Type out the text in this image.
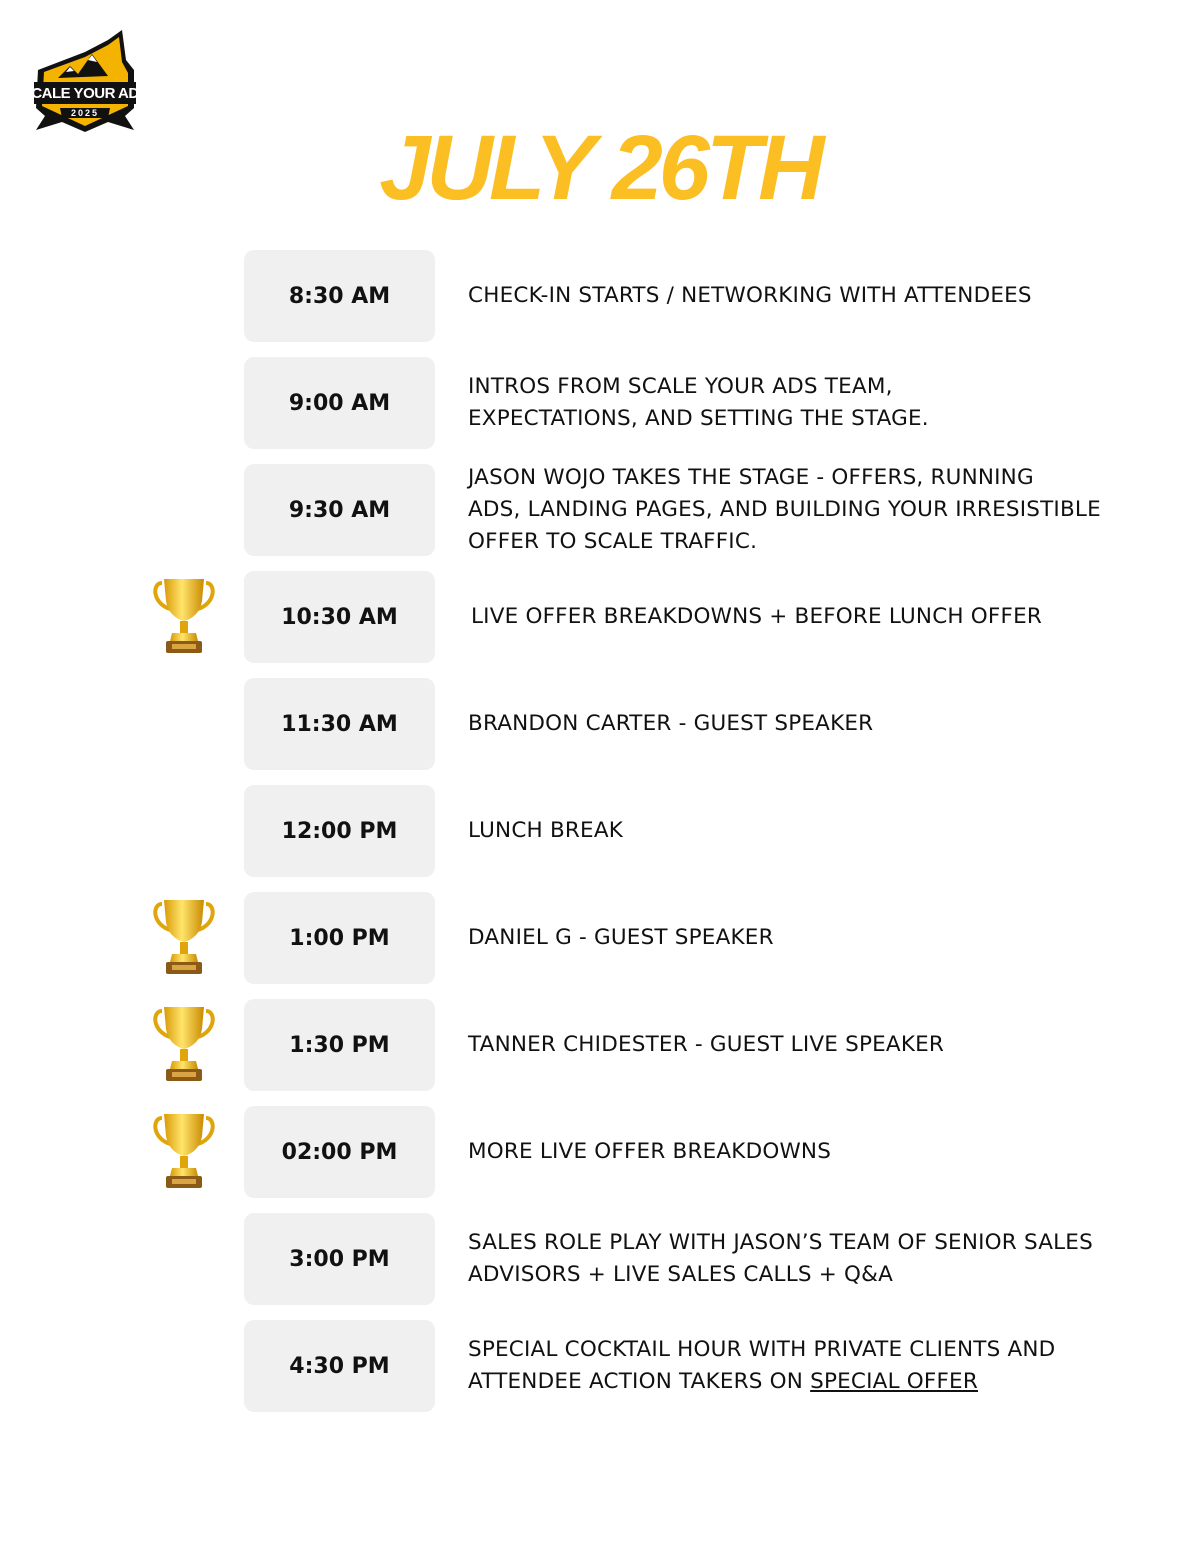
SCALE YOUR ADS
2025
JULY 26TH
8:30 AM	CHECK-IN STARTS / NETWORKING WITH ATTENDEES
9:00 AM
INTROS FROM SCALE YOUR ADS TEAM,
EXPECTATIONS, AND SETTING THE STAGE.
9:30 AM
JASON WOJO TAKES THE STAGE - OFFERS, RUNNING
ADS, LANDING PAGES, AND BUILDING YOUR IRRESISTIBLE
OFFER TO SCALE TRAFFIC.
10:30 AM	LIVE OFFER BREAKDOWNS + BEFORE LUNCH OFFER
11:30 AM	BRANDON CARTER - GUEST SPEAKER
12:00 PM	LUNCH BREAK
1:00 PM	DANIEL G - GUEST SPEAKER
1:30 PM	TANNER CHIDESTER - GUEST LIVE SPEAKER
02:00 PM	MORE LIVE OFFER BREAKDOWNS
3:00 PM
SALES ROLE PLAY WITH JASON’S TEAM OF SENIOR SALES
ADVISORS + LIVE SALES CALLS + Q&A
4:30 PM
SPECIAL COCKTAIL HOUR WITH PRIVATE CLIENTS AND
ATTENDEE ACTION TAKERS ON SPECIAL OFFER
